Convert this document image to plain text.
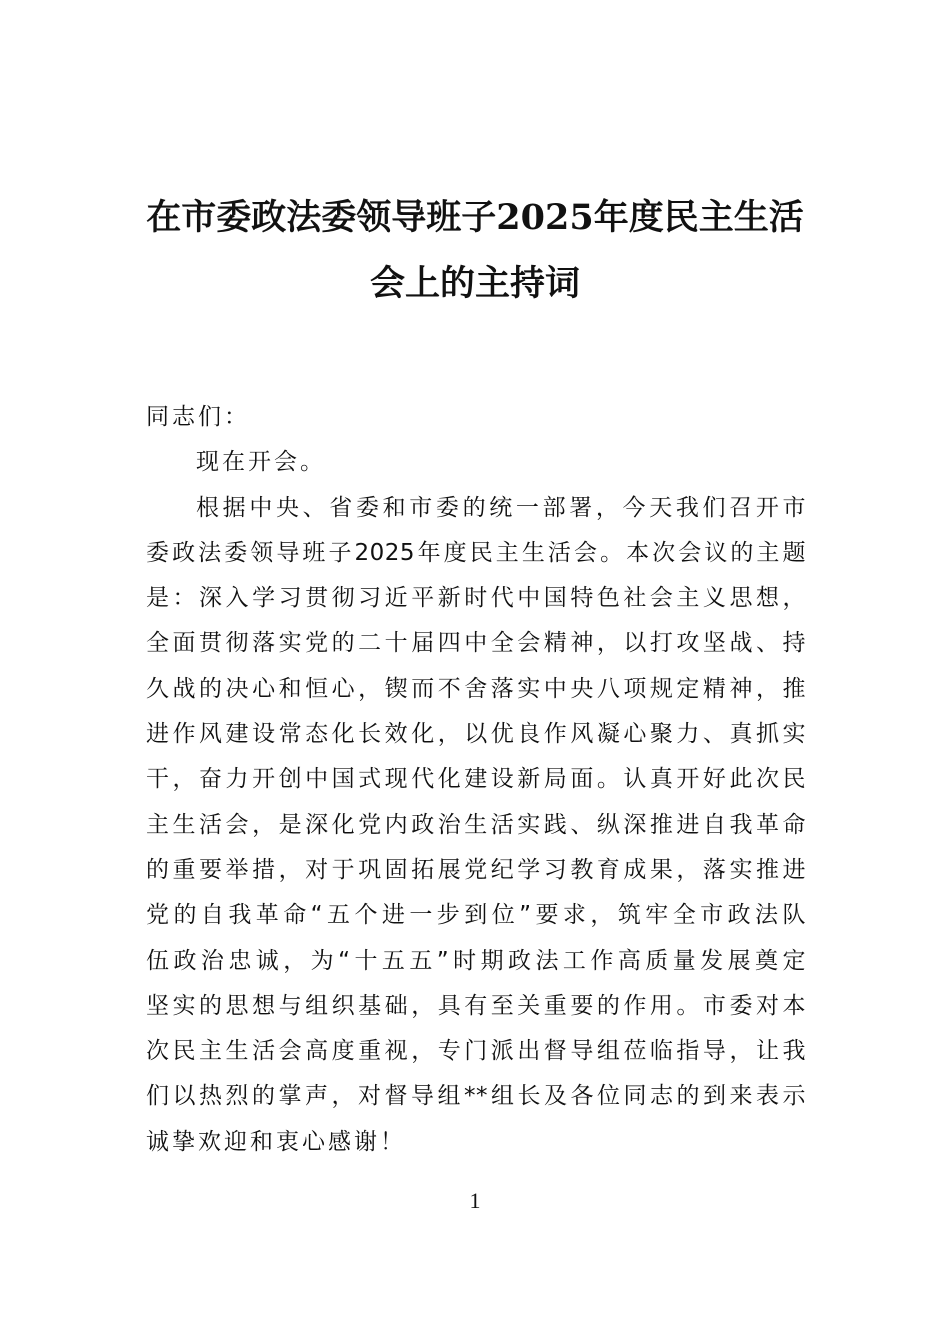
在市委政法委领导班子2025年度民主生活
会上的主持词
同志们：
现在开会。
根据中央、省委和市委的统一部署，今天我们召开市
委政法委领导班子2025年度民主生活会。本次会议的主题
是：深入学习贯彻习近平新时代中国特色社会主义思想，
全面贯彻落实党的二十届四中全会精神，以打攻坚战、持
久战的决心和恒心，锲而不舍落实中央八项规定精神，推
进作风建设常态化长效化，以优良作风凝心聚力、真抓实
干，奋力开创中国式现代化建设新局面。认真开好此次民
主生活会，是深化党内政治生活实践、纵深推进自我革命
的重要举措，对于巩固拓展党纪学习教育成果，落实推进
党的自我革命“五个进一步到位”要求，筑牢全市政法队
伍政治忠诚，为“十五五”时期政法工作高质量发展奠定
坚实的思想与组织基础，具有至关重要的作用。市委对本
次民主生活会高度重视，专门派出督导组莅临指导，让我
们以热烈的掌声，对督导组**组长及各位同志的到来表示
诚挚欢迎和衷心感谢！
1
